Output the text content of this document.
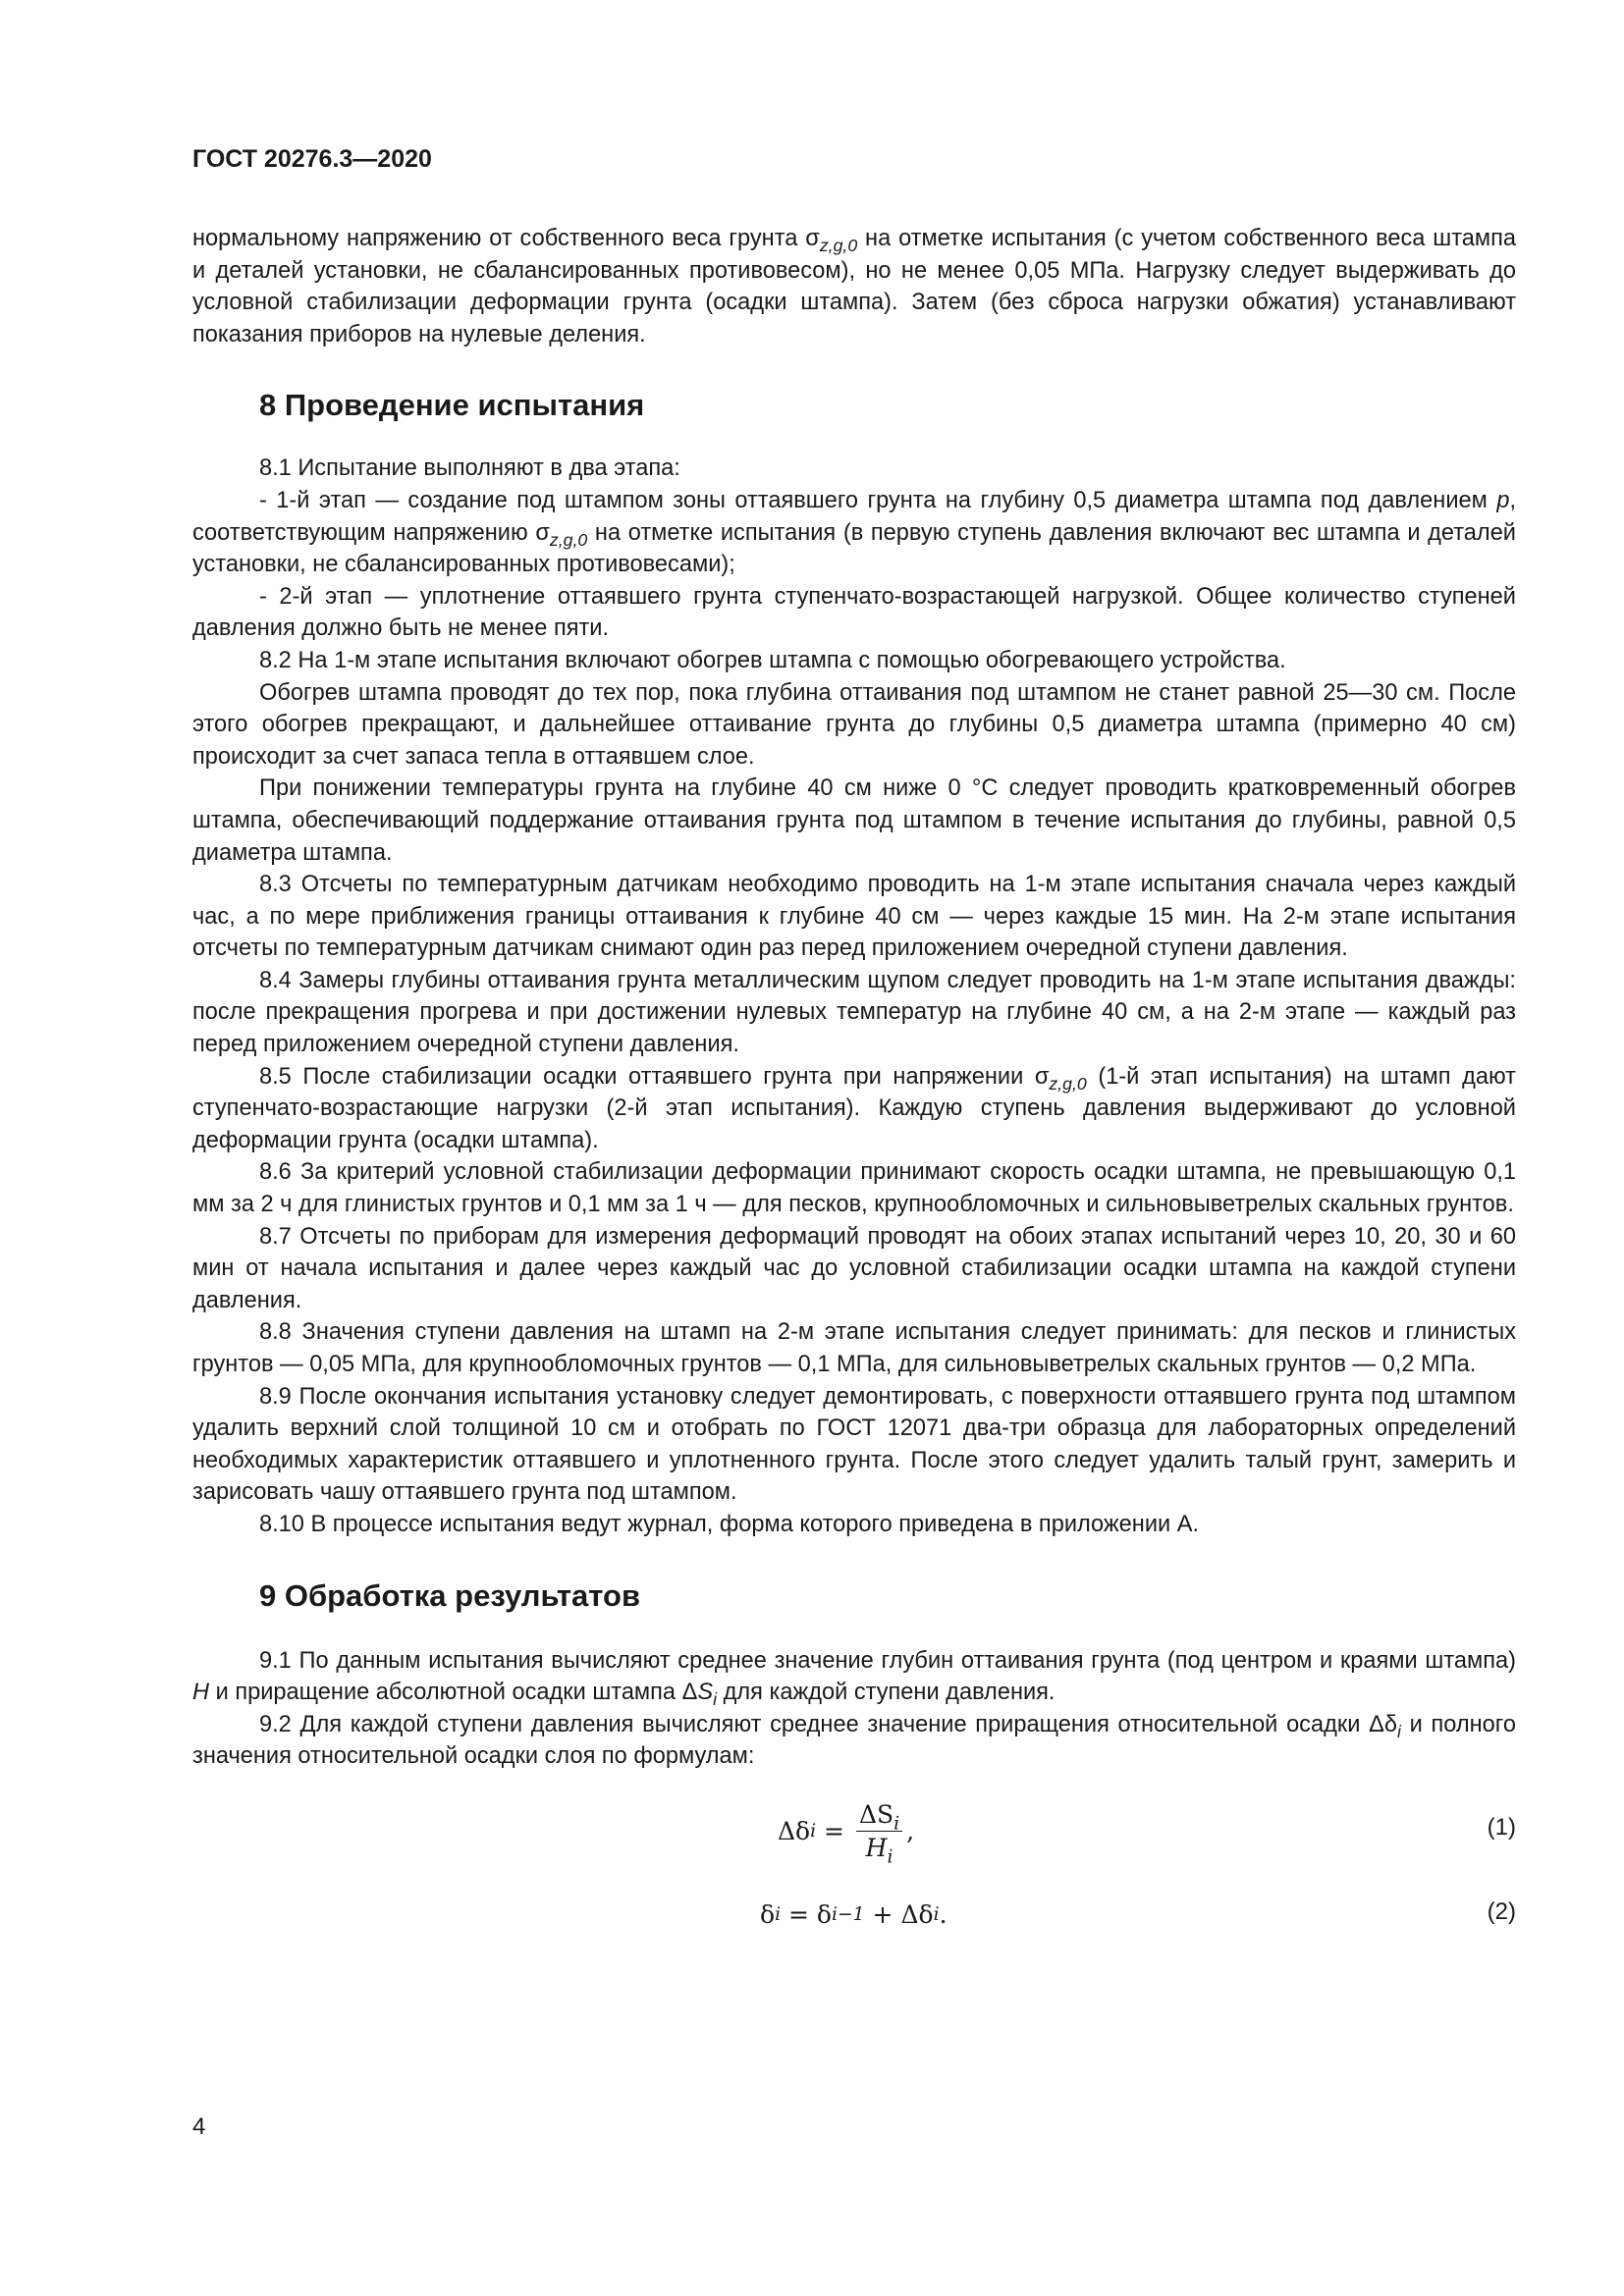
ГОСТ 20276.3—2020

нормальному напряжению от собственного веса грунта $\sigma_{z,g,0}$ на отметке испытания (с учетом собственного веса штампа и деталей установки, не сбалансированных противовесом), но не менее 0,05 МПа. Нагрузку следует выдерживать до условной стабилизации деформации грунта (осадки штампа). Затем (без сброса нагрузки обжатия) устанавливают показания приборов на нулевые деления.

8 Проведение испытания

8.1 Испытание выполняют в два этапа:

- 1-й этап — создание под штампом зоны оттаявшего грунта на глубину 0,5 диаметра штампа под давлением p, соответствующим напряжению $\sigma_{z,g,0}$ на отметке испытания (в первую ступень давления включают вес штампа и деталей установки, не сбалансированных противовесами);

- 2-й этап — уплотнение оттаявшего грунта ступенчато-возрастающей нагрузкой. Общее количество ступеней давления должно быть не менее пяти.

8.2 На 1-м этапе испытания включают обогрев штампа с помощью обогревающего устройства.

Обогрев штампа проводят до тех пор, пока глубина оттаивания под штампом не станет равной 25—30 см. После этого обогрев прекращают, и дальнейшее оттаивание грунта до глубины 0,5 диаметра штампа (примерно 40 см) происходит за счет запаса тепла в оттаявшем слое.

При понижении температуры грунта на глубине 40 см ниже 0 °С следует проводить кратковременный обогрев штампа, обеспечивающий поддержание оттаивания грунта под штампом в течение испытания до глубины, равной 0,5 диаметра штампа.

8.3 Отсчеты по температурным датчикам необходимо проводить на 1-м этапе испытания сначала через каждый час, а по мере приближения границы оттаивания к глубине 40 см — через каждые 15 мин. На 2-м этапе испытания отсчеты по температурным датчикам снимают один раз перед приложением очередной ступени давления.

8.4 Замеры глубины оттаивания грунта металлическим щупом следует проводить на 1-м этапе испытания дважды: после прекращения прогрева и при достижении нулевых температур на глубине 40 см, а на 2-м этапе — каждый раз перед приложением очередной ступени давления.

8.5 После стабилизации осадки оттаявшего грунта при напряжении $\sigma_{z,g,0}$ (1-й этап испытания) на штамп дают ступенчато-возрастающие нагрузки (2-й этап испытания). Каждую ступень давления выдерживают до условной деформации грунта (осадки штампа).

8.6 За критерий условной стабилизации деформации принимают скорость осадки штампа, не превышающую 0,1 мм за 2 ч для глинистых грунтов и 0,1 мм за 1 ч — для песков, крупнообломочных и сильновыветрелых скальных грунтов.

8.7 Отсчеты по приборам для измерения деформаций проводят на обоих этапах испытаний через 10, 20, 30 и 60 мин от начала испытания и далее через каждый час до условной стабилизации осадки штампа на каждой ступени давления.

8.8 Значения ступени давления на штамп на 2-м этапе испытания следует принимать: для песков и глинистых грунтов — 0,05 МПа, для крупнообломочных грунтов — 0,1 МПа, для сильновыветрелых скальных грунтов — 0,2 МПа.

8.9 После окончания испытания установку следует демонтировать, с поверхности оттаявшего грунта под штампом удалить верхний слой толщиной 10 см и отобрать по ГОСТ 12071 два-три образца для лабораторных определений необходимых характеристик оттаявшего и уплотненного грунта. После этого следует удалить талый грунт, замерить и зарисовать чашу оттаявшего грунта под штампом.

8.10 В процессе испытания ведут журнал, форма которого приведена в приложении А.

9 Обработка результатов

9.1 По данным испытания вычисляют среднее значение глубин оттаивания грунта (под центром и краями штампа) H и приращение абсолютной осадки штампа $\Delta S_i$ для каждой ступени давления.

9.2 Для каждой ступени давления вычисляют среднее значение приращения относительной осадки $\Delta\delta_i$ и полного значения относительной осадки слоя по формулам:

Δδ $i = \frac{\Delta S_i}{H_i}$ ,	(1)
δ i = δ i−1 + Δδ i .	(2)
4
